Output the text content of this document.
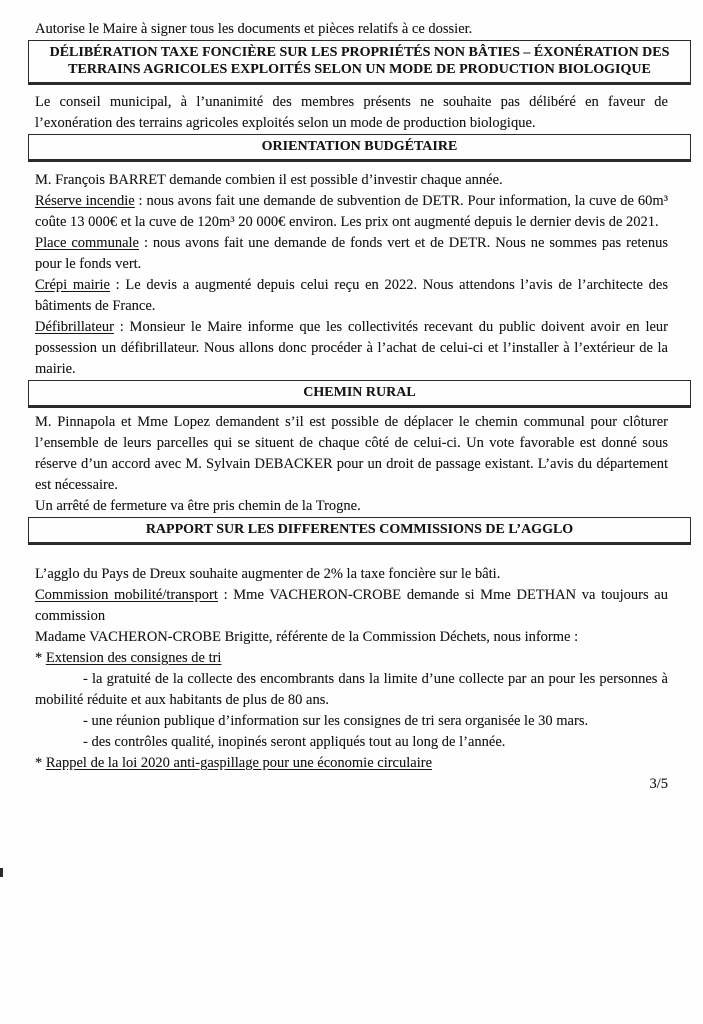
Autorise le Maire à signer tous les documents et pièces relatifs à ce dossier.

DÉLIBÉRATION TAXE FONCIÈRE SUR LES PROPRIÉTÉS NON BÂTIES – ÉXONÉRATION DES TERRAINS AGRICOLES EXPLOITÉS SELON UN MODE DE PRODUCTION BIOLOGIQUE

Le conseil municipal, à l’unanimité des membres présents ne souhaite pas délibéré en faveur de l’exonération des terrains agricoles exploités selon un mode de production biologique.

ORIENTATION BUDGÉTAIRE

M. François BARRET demande combien il est possible d’investir chaque année.

Réserve incendie : nous avons fait une demande de subvention de DETR. Pour information, la cuve de 60m³ coûte 13 000€ et la cuve de 120m³ 20 000€ environ. Les prix ont augmenté depuis le dernier devis de 2021.

Place communale : nous avons fait une demande de fonds vert et de DETR. Nous ne sommes pas retenus pour le fonds vert.

Crépi mairie : Le devis a augmenté depuis celui reçu en 2022. Nous attendons l’avis de l’architecte des bâtiments de France.

Défibrillateur : Monsieur le Maire informe que les collectivités recevant du public doivent avoir en leur possession un défibrillateur. Nous allons donc procéder à l’achat de celui-ci et l’installer à l’extérieur de la mairie.

CHEMIN RURAL

M. Pinnapola et Mme Lopez demandent s’il est possible de déplacer le chemin communal pour clôturer l’ensemble de leurs parcelles qui se situent de chaque côté de celui-ci. Un vote favorable est donné sous réserve d’un accord avec M. Sylvain DEBACKER pour un droit de passage existant. L’avis du département est nécessaire.

Un arrêté de fermeture va être pris chemin de la Trogne.

RAPPORT SUR LES DIFFERENTES COMMISSIONS DE L’AGGLO

L’agglo du Pays de Dreux souhaite augmenter de 2% la taxe foncière sur le bâti.

Commission mobilité/transport : Mme VACHERON-CROBE demande si Mme DETHAN va toujours au commission

Madame VACHERON-CROBE Brigitte, référente de la Commission Déchets, nous informe :

* Extension des consignes de tri

- la gratuité de la collecte des encombrants dans la limite d’une collecte par an pour les personnes à mobilité réduite et aux habitants de plus de 80 ans.

- une réunion publique d’information sur les consignes de tri sera organisée le 30 mars.

- des contrôles qualité, inopinés seront appliqués tout au long de l’année.

* Rappel de la loi 2020 anti-gaspillage pour une économie circulaire

3/5
